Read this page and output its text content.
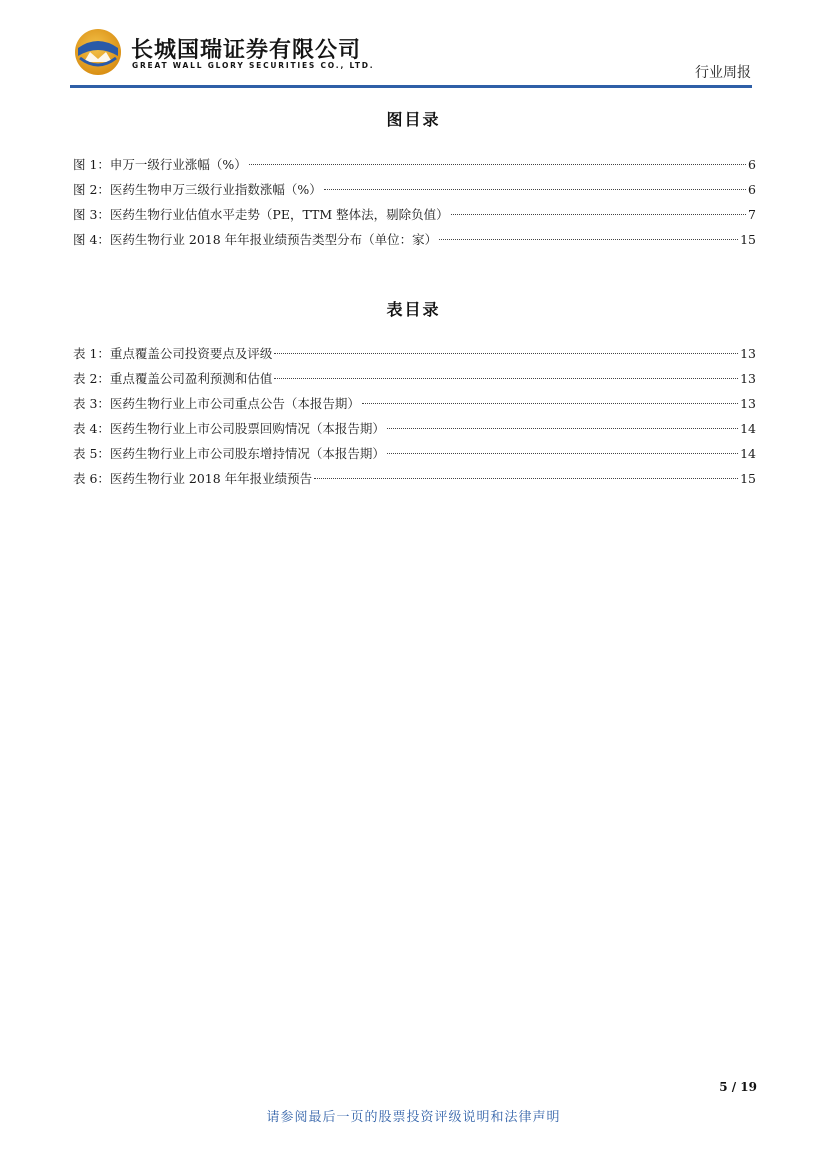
长城国瑞证券有限公司
GREAT WALL GLORY SECURITIES CO., LTD.	行业周报
图目录
图 1：申万一级行业涨幅（%）	6
图 2：医药生物申万三级行业指数涨幅（%）	6
图 3：医药生物行业估值水平走势（PE，TTM 整体法，剔除负值）	7
图 4：医药生物行业 2018 年年报业绩预告类型分布（单位：家）	15
表目录
表 1：重点覆盖公司投资要点及评级	13
表 2：重点覆盖公司盈利预测和估值	13
表 3：医药生物行业上市公司重点公告（本报告期）	13
表 4：医药生物行业上市公司股票回购情况（本报告期）	14
表 5：医药生物行业上市公司股东增持情况（本报告期）	14
表 6：医药生物行业 2018 年年报业绩预告	15
5 / 19
请参阅最后一页的股票投资评级说明和法律声明
